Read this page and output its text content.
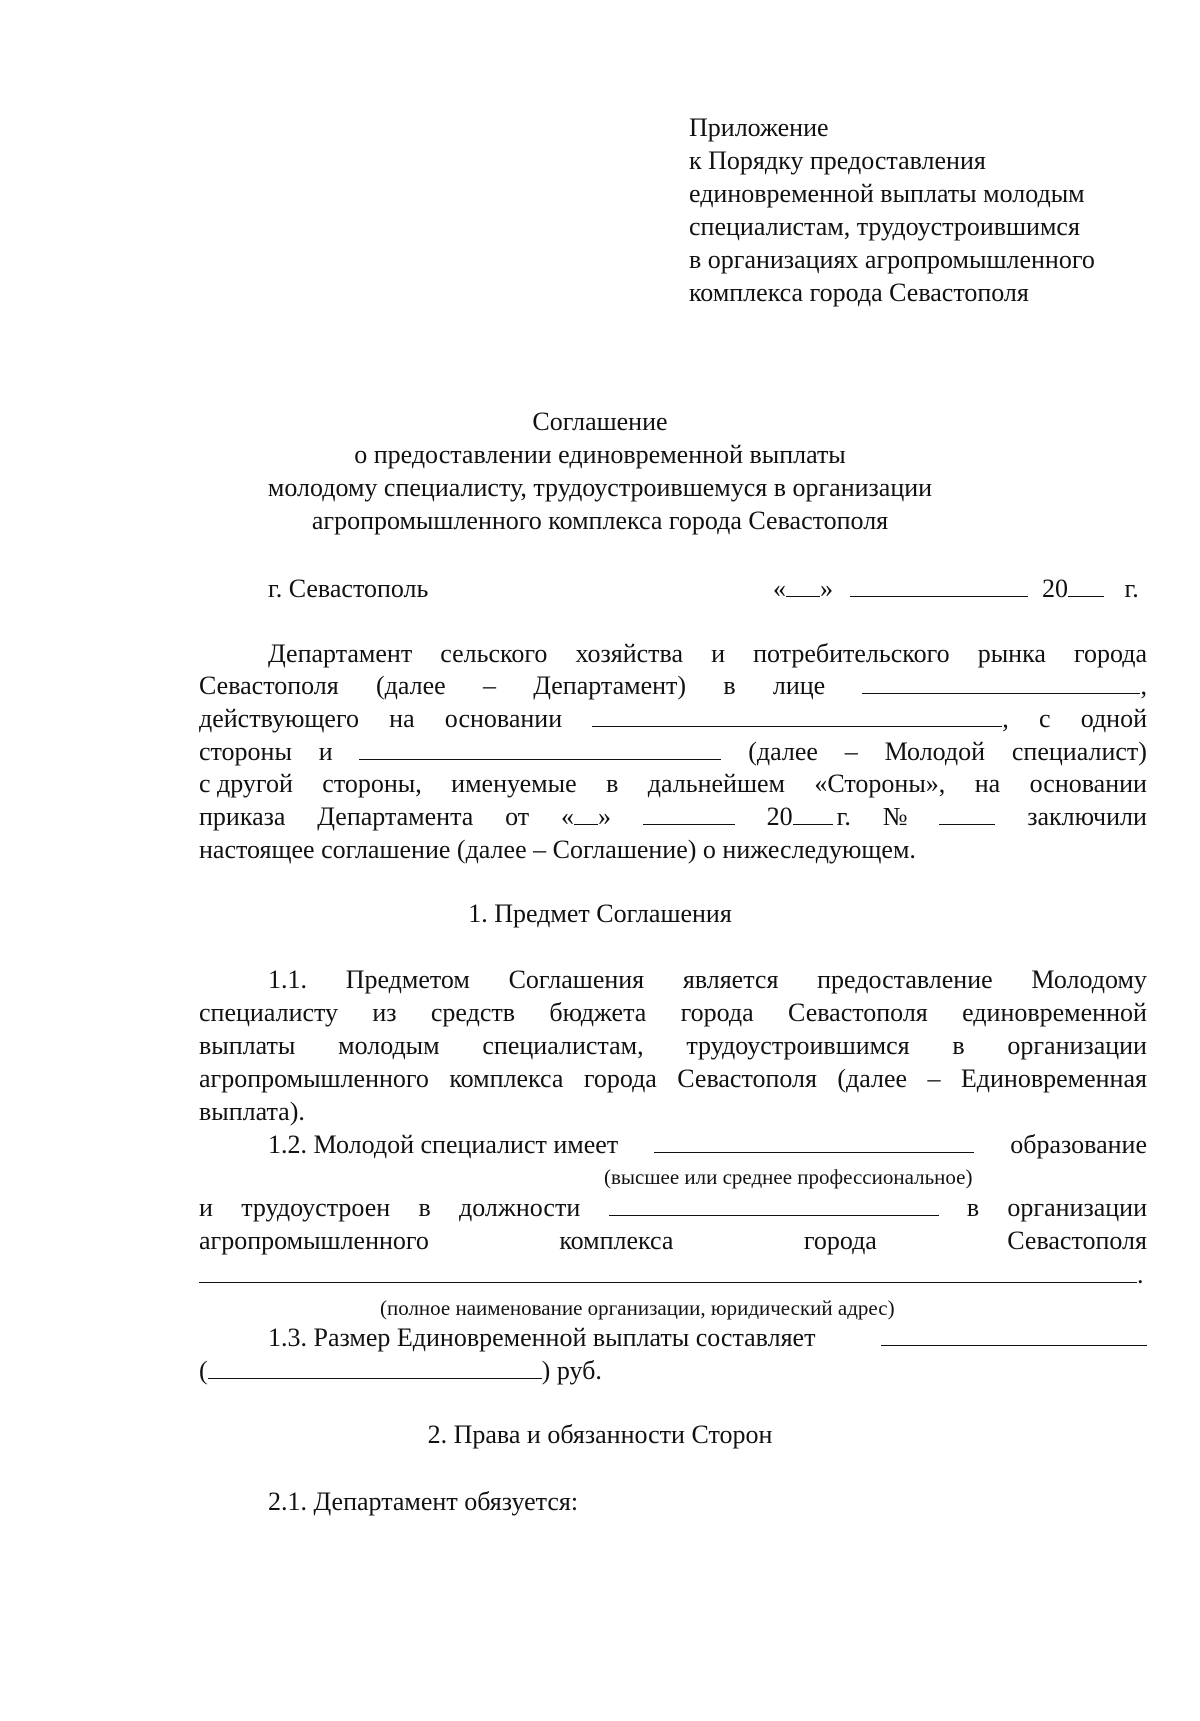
Приложение
к Порядку предоставления
единовременной выплаты молодым
специалистам, трудоустроившимся
в организациях агропромышленного
комплекса города Севастополя
Соглашение
о предоставлении единовременной выплаты
молодому специалисту, трудоустроившемуся в организации
агропромышленного комплекса города Севастополя
г. Севастополь	« »	20 г.
Департамент сельского хозяйства и потребительского рынка города
Севастополя (далее – Департамент) в лице	,
действующего на основании	, с одной
стороны и	(далее – Молодой специалист)
с другой стороны, именуемые в дальнейшем «Стороны», на основании
приказа Департамента от « »	20 г. №	заключили
настоящее соглашение (далее – Соглашение) о нижеследующем.
1. Предмет Соглашения
1.1. Предметом Соглашения является предоставление Молодому
специалисту из средств бюджета города Севастополя единовременной
выплаты молодым специалистам, трудоустроившимся в организации
агропромышленного комплекса города Севастополя (далее – Единовременная
выплата).
1.2. Молодой специалист имеет	образование
(высшее или среднее профессиональное)
и трудоустроен в должности	в организации
агропромышленного	комплекса	города	Севастополя
.
(полное наименование организации, юридический адрес)
1.3. Размер Единовременной выплаты составляет
(	) руб.
2. Права и обязанности Сторон
2.1. Департамент обязуется:
